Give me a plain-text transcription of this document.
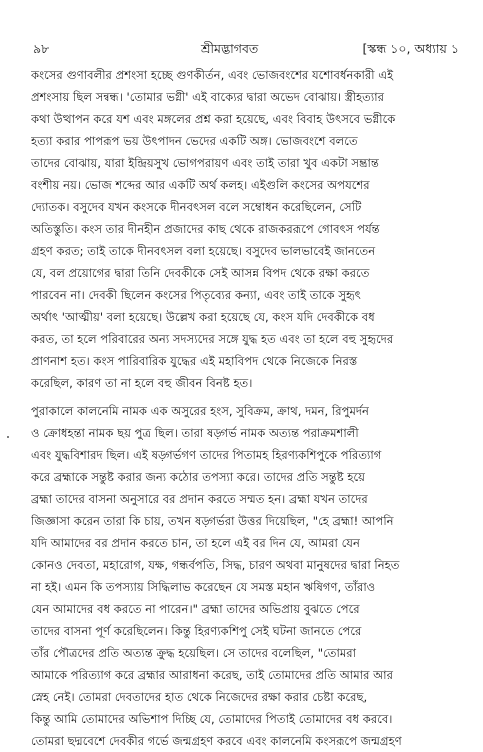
৯৮	শ্রীমদ্ভাগবত	[স্কন্ধ ১০, অধ্যায় ১
কংসের গুণাবলীর প্রশংসা হচ্ছে গুণকীর্তন, এবং ভোজবংশের যশোবর্ধনকারী এই
প্রশংসায় ছিল সন্বন্ধ। 'তোমার ভগ্নী' এই বাক্যের দ্বারা অভেদ বোঝায়। স্ত্রীহত্যার
কথা উত্থাপন করে যশ এবং মঙ্গলের প্রশ্ন করা হয়েছে, এবং বিবাহ উৎসবে ভগ্নীকে
হত্যা করার পাপরূপ ভয় উৎপাদন ভেদের একটি অঙ্গ। ভোজবংশে বলতে
তাদের বোঝায়, যারা ইন্দ্রিয়সুখ ভোগপরায়ণ এবং তাই তারা খুব একটা সম্ভ্রান্ত
বংশীয় নয়। ভোজ শব্দের আর একটি অর্থ কলহ। এইগুলি কংসের অপযশের
দ্যোতক। বসুদেব যখন কংসকে দীনবৎসল বলে সম্বোধন করেছিলেন, সেটি
অতিস্তুতি। কংস তার দীনহীন প্রজাদের কাছ থেকে রাজকররূপে গোবৎস পর্যন্ত
গ্রহণ করত; তাই তাকে দীনবৎসল বলা হয়েছে। বসুদেব ভালভাবেই জানতেন
যে, বল প্রয়োগের দ্বারা তিনি দেবকীকে সেই আসন্ন বিপদ থেকে রক্ষা করতে
পারবেন না। দেবকী ছিলেন কংসের পিতৃব্যের কন্যা, এবং তাই তাকে সুহৃৎ
অর্থাৎ 'আত্মীয়' বলা হয়েছে। উল্লেখ করা হয়েছে যে, কংস যদি দেবকীকে বধ
করত, তা হলে পরিবারের অন্য সদস্যদের সঙ্গে যুদ্ধ হত এবং তা হলে বহু সুহৃদের
প্রাণনাশ হত। কংস পারিবারিক যুদ্ধের এই মহাবিপদ থেকে নিজেকে নিরস্ত
করেছিল, কারণ তা না হলে বহু জীবন বিনষ্ট হত।
পুরাকালে কালনেমি নামক এক অসুরের হংস, সুবিক্রম, ক্রাথ, দমন, রিপুমর্দন
ও ক্রোধহন্তা নামক ছয় পুত্র ছিল। তারা ষড়্গর্ভ নামক অত্যন্ত পরাক্রমশালী
এবং যুদ্ধবিশারদ ছিল। এই ষড়্গর্ভগণ তাদের পিতামহ হিরণ্যকশিপুকে পরিত্যাগ
করে ব্রহ্মাকে সন্তুষ্ট করার জন্য কঠোর তপস্যা করে। তাদের প্রতি সন্তুষ্ট হয়ে
ব্রহ্মা তাদের বাসনা অনুসারে বর প্রদান করতে সম্মত হন। ব্রহ্মা যখন তাদের
জিজ্ঞাসা করেন তারা কি চায়, তখন ষড়্গর্ভরা উত্তর দিয়েছিল, "হে ব্রহ্মা! আপনি
যদি আমাদের বর প্রদান করতে চান, তা হলে এই বর দিন যে, আমরা যেন
কোনও দেবতা, মহারোগ, যক্ষ, গন্ধর্বপতি, সিদ্ধ, চারণ অথবা মানুষদের দ্বারা নিহত
না হই। এমন কি তপস্যায় সিদ্ধিলাভ করেছেন যে সমস্ত মহান ঋষিগণ, তাঁরাও
যেন আমাদের বধ করতে না পারেন।" ব্রহ্মা তাদের অভিপ্রায় বুঝতে পেরে
তাদের বাসনা পূর্ণ করেছিলেন। কিন্তু হিরণ্যকশিপু সেই ঘটনা জানতে পেরে
তাঁর পৌত্রদের প্রতি অত্যন্ত ক্রুদ্ধ হয়েছিল। সে তাদের বলেছিল, "তোমরা
আমাকে পরিত্যাগ করে ব্রহ্মার আরাধনা করেছ, তাই তোমাদের প্রতি আমার আর
স্নেহ নেই। তোমরা দেবতাদের হাত থেকে নিজেদের রক্ষা করার চেষ্টা করেছ,
কিন্তু আমি তোমাদের অভিশাপ দিচ্ছি যে, তোমাদের পিতাই তোমাদের বধ করবে।
তোমরা ছদ্মবেশে দেবকীর গর্ভে জন্মগ্রহণ করবে এবং কালনেমি কংসরূপে জন্মগ্রহণ
